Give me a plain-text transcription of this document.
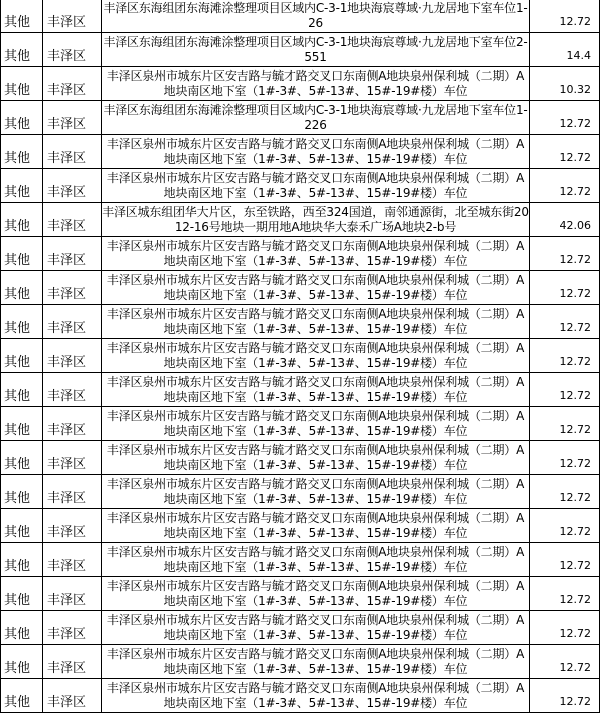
其他	丰泽区	丰泽区东海组团东海滩涂整理项目区域内C-3-1地块海宸尊域·九龙居地下室车位1-26	12.72
其他	丰泽区	丰泽区东海组团东海滩涂整理项目区域内C-3-1地块海宸尊域·九龙居地下室车位2-551	14.4
其他	丰泽区	丰泽区泉州市城东片区安吉路与毓才路交叉口东南侧A地块泉州保利城（二期）A地块南区地下室（1#-3#、5#-13#、15#-19#楼）车位	10.32
其他	丰泽区	丰泽区东海组团东海滩涂整理项目区域内C-3-1地块海宸尊域·九龙居地下室车位1-226	12.72
其他	丰泽区	丰泽区泉州市城东片区安吉路与毓才路交叉口东南侧A地块泉州保利城（二期）A地块南区地下室（1#-3#、5#-13#、15#-19#楼）车位	12.72
其他	丰泽区	丰泽区泉州市城东片区安吉路与毓才路交叉口东南侧A地块泉州保利城（二期）A地块南区地下室（1#-3#、5#-13#、15#-19#楼）车位	12.72
其他	丰泽区	丰泽区城东组团华大片区，东至铁路，西至324国道，南邻通源街，北至城东街2012-16号地块一期用地A地块华大泰禾广场A地块2-b号	42.06
其他	丰泽区	丰泽区泉州市城东片区安吉路与毓才路交叉口东南侧A地块泉州保利城（二期）A地块南区地下室（1#-3#、5#-13#、15#-19#楼）车位	12.72
其他	丰泽区	丰泽区泉州市城东片区安吉路与毓才路交叉口东南侧A地块泉州保利城（二期）A地块南区地下室（1#-3#、5#-13#、15#-19#楼）车位	12.72
其他	丰泽区	丰泽区泉州市城东片区安吉路与毓才路交叉口东南侧A地块泉州保利城（二期）A地块南区地下室（1#-3#、5#-13#、15#-19#楼）车位	12.72
其他	丰泽区	丰泽区泉州市城东片区安吉路与毓才路交叉口东南侧A地块泉州保利城（二期）A地块南区地下室（1#-3#、5#-13#、15#-19#楼）车位	12.72
其他	丰泽区	丰泽区泉州市城东片区安吉路与毓才路交叉口东南侧A地块泉州保利城（二期）A地块南区地下室（1#-3#、5#-13#、15#-19#楼）车位	12.72
其他	丰泽区	丰泽区泉州市城东片区安吉路与毓才路交叉口东南侧A地块泉州保利城（二期）A地块南区地下室（1#-3#、5#-13#、15#-19#楼）车位	12.72
其他	丰泽区	丰泽区泉州市城东片区安吉路与毓才路交叉口东南侧A地块泉州保利城（二期）A地块南区地下室（1#-3#、5#-13#、15#-19#楼）车位	12.72
其他	丰泽区	丰泽区泉州市城东片区安吉路与毓才路交叉口东南侧A地块泉州保利城（二期）A地块南区地下室（1#-3#、5#-13#、15#-19#楼）车位	12.72
其他	丰泽区	丰泽区泉州市城东片区安吉路与毓才路交叉口东南侧A地块泉州保利城（二期）A地块南区地下室（1#-3#、5#-13#、15#-19#楼）车位	12.72
其他	丰泽区	丰泽区泉州市城东片区安吉路与毓才路交叉口东南侧A地块泉州保利城（二期）A地块南区地下室（1#-3#、5#-13#、15#-19#楼）车位	12.72
其他	丰泽区	丰泽区泉州市城东片区安吉路与毓才路交叉口东南侧A地块泉州保利城（二期）A地块南区地下室（1#-3#、5#-13#、15#-19#楼）车位	12.72
其他	丰泽区	丰泽区泉州市城东片区安吉路与毓才路交叉口东南侧A地块泉州保利城（二期）A地块南区地下室（1#-3#、5#-13#、15#-19#楼）车位	12.72
其他	丰泽区	丰泽区泉州市城东片区安吉路与毓才路交叉口东南侧A地块泉州保利城（二期）A地块南区地下室（1#-3#、5#-13#、15#-19#楼）车位	12.72
其他	丰泽区	丰泽区泉州市城东片区安吉路与毓才路交叉口东南侧A地块泉州保利城（二期）A地块南区地下室（1#-3#、5#-13#、15#-19#楼）车位	12.72
